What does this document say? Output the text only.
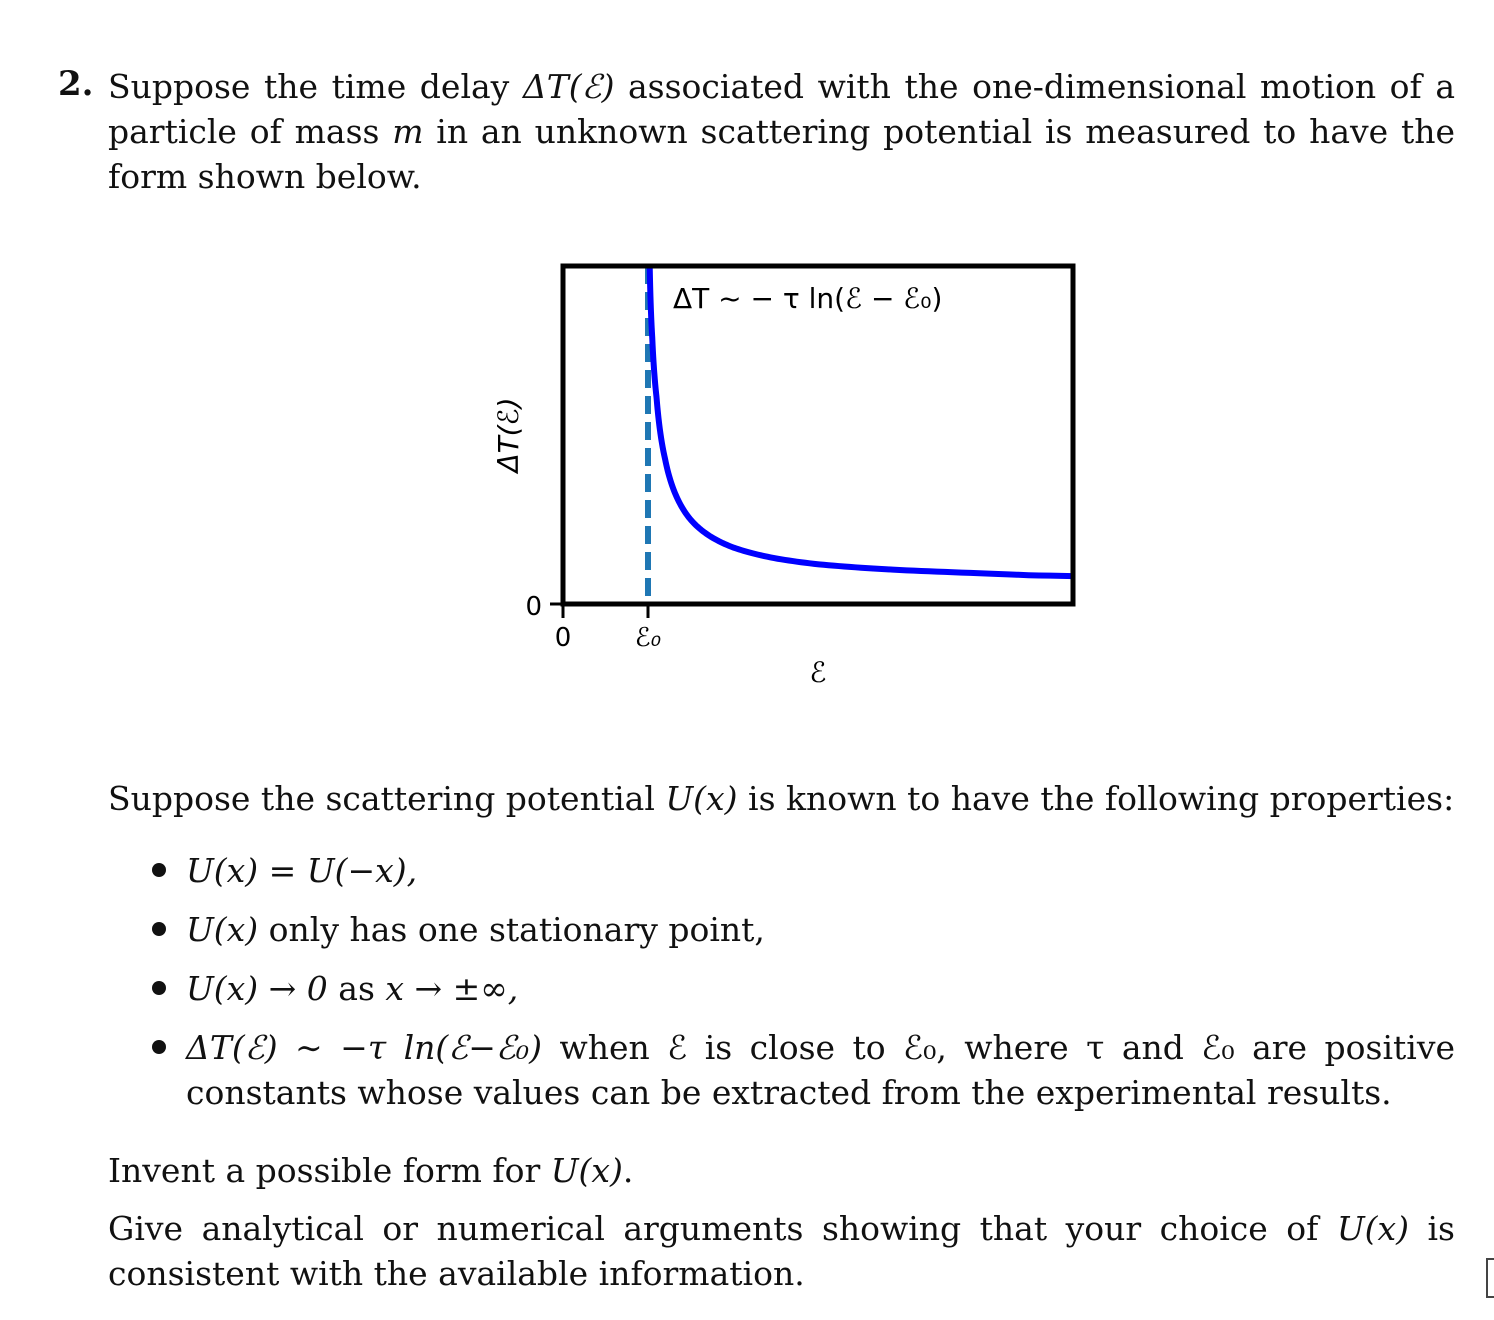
2. Suppose the time delay ΔT(ℰ) associated with the one-dimensional motion of a particle of mass m in an unknown scattering potential is measured to have the form shown below.
0
0 ℰ₀
ℰ
ΔT(ℰ)
ΔT ~ − τ ln(ℰ − ℰ₀)
Suppose the scattering potential U(x) is known to have the following properties:
U(x) = U(−x),
U(x) only has one stationary point,
U(x) → 0 as x → ±∞,
ΔT(ℰ) ∼ −τ ln(ℰ−ℰ₀) when ℰ is close to ℰ₀, where τ and ℰ₀ are positive constants whose values can be extracted from the experimental results.
Invent a possible form for U(x).
Give analytical or numerical arguments showing that your choice of U(x) is consistent with the available information.
